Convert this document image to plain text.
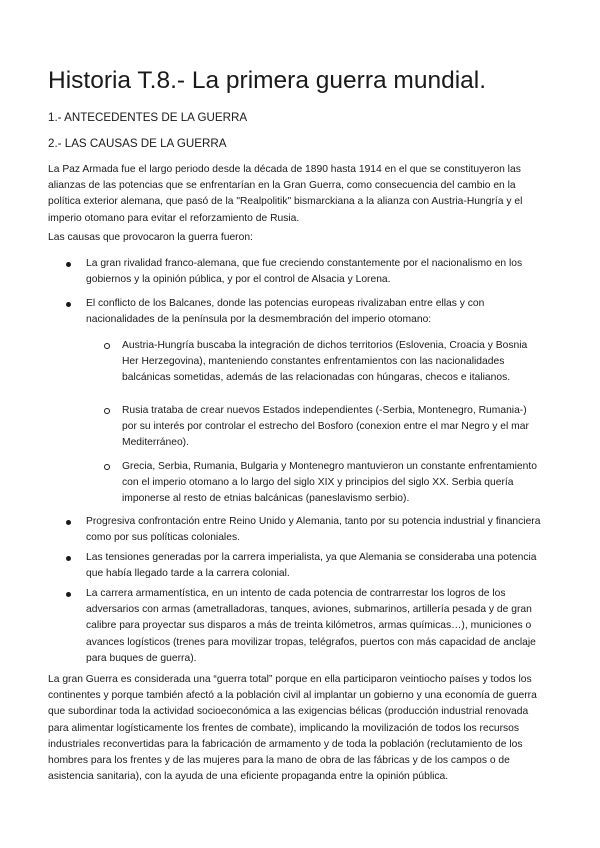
Historia T.8.- La primera guerra mundial.
1.- ANTECEDENTES DE LA GUERRA
2.- LAS CAUSAS DE LA GUERRA

La Paz Armada fue el largo periodo desde la década de 1890 hasta 1914 en el que se constituyeron las alianzas de las potencias que se enfrentarían en la Gran Guerra, como consecuencia del cambio en la política exterior alemana, que pasó de la "Realpolitik" bismarckiana a la alianza con Austria-Hungría y el imperio otomano para evitar el reforzamiento de Rusia.

Las causas que provocaron la guerra fueron:

La gran rivalidad franco-alemana, que fue creciendo constantemente por el nacionalismo en los gobiernos y la opinión pública, y por el control de Alsacia y Lorena.
El conflicto de los Balcanes, donde las potencias europeas rivalizaban entre ellas y con nacionalidades de la península por la desmembración del imperio otomano:
Austria-Hungría buscaba la integración de dichos territorios (Eslovenia, Croacia y Bosnia Her Herzegovina), manteniendo constantes enfrentamientos con las nacionalidades balcánicas sometidas, además de las relacionadas con húngaras, checos e italianos.
Rusia trataba de crear nuevos Estados independientes (-Serbia, Montenegro, Rumania-) por su interés por controlar el estrecho del Bosforo (conexion entre el mar Negro y el mar Mediterráneo).
Grecia, Serbia, Rumania, Bulgaria y Montenegro mantuvieron un constante enfrentamiento con el imperio otomano a lo largo del siglo XIX y principios del siglo XX. Serbia quería imponerse al resto de etnias balcánicas (paneslavismo serbio).
Progresiva confrontación entre Reino Unido y Alemania, tanto por su potencia industrial y financiera como por sus políticas coloniales.
Las tensiones generadas por la carrera imperialista, ya que Alemania se consideraba una potencia que había llegado tarde a la carrera colonial.
La carrera armamentística, en un intento de cada potencia de contrarrestar los logros de los adversarios con armas (ametralladoras, tanques, aviones, submarinos, artillería pesada y de gran calibre para proyectar sus disparos a más de treinta kilómetros, armas químicas…), municiones o avances logísticos (trenes para movilizar tropas, telégrafos, puertos con más capacidad de anclaje para buques de guerra).

La gran Guerra es considerada una “guerra total” porque en ella participaron veintiocho países y todos los continentes y porque también afectó a la población civil al implantar un gobierno y una economía de guerra que subordinar toda la actividad socioeconómica a las exigencias bélicas (producción industrial renovada para alimentar logísticamente los frentes de combate), implicando la movilización de todos los recursos industriales reconvertidas para la fabricación de armamento y de toda la población (reclutamiento de los hombres para los frentes y de las mujeres para la mano de obra de las fábricas y de los campos o de asistencia sanitaria), con la ayuda de una eficiente propaganda entre la opinión pública.
